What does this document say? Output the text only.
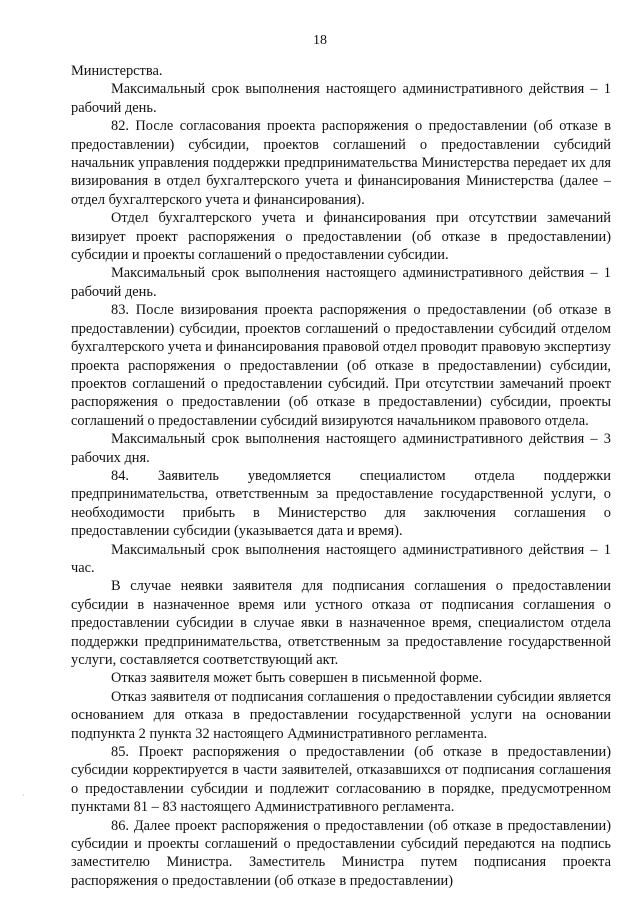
18

Министерства.

Максимальный срок выполнения настоящего административного действия – 1 рабочий день.

82. После согласования проекта распоряжения о предоставлении (об отказе в предоставлении) субсидии, проектов соглашений о предоставлении субсидий начальник управления поддержки предпринимательства Министерства передает их для визирования в отдел бухгалтерского учета и финансирования Министерства (далее – отдел бухгалтерского учета и финансирования).

Отдел бухгалтерского учета и финансирования при отсутствии замечаний визирует проект распоряжения о предоставлении (об отказе в предоставлении) субсидии и проекты соглашений о предоставлении субсидии.

Максимальный срок выполнения настоящего административного действия – 1 рабочий день.

83. После визирования проекта распоряжения о предоставлении (об отказе в предоставлении) субсидии, проектов соглашений о предоставлении субсидий отделом бухгалтерского учета и финансирования правовой отдел проводит правовую экспертизу проекта распоряжения о предоставлении (об отказе в предоставлении) субсидии, проектов соглашений о предоставлении субсидий. При отсутствии замечаний проект распоряжения о предоставлении (об отказе в предоставлении) субсидии, проекты соглашений о предоставлении субсидий визируются начальником правового отдела.

Максимальный срок выполнения настоящего административного действия – 3 рабочих дня.

84. Заявитель уведомляется специалистом отдела поддержки предпринимательства, ответственным за предоставление государственной услуги, о необходимости прибыть в Министерство для заключения соглашения о предоставлении субсидии (указывается дата и время).

Максимальный срок выполнения настоящего административного действия – 1 час.

В случае неявки заявителя для подписания соглашения о предоставлении субсидии в назначенное время или устного отказа от подписания соглашения о предоставлении субсидии в случае явки в назначенное время, специалистом отдела поддержки предпринимательства, ответственным за предоставление государственной услуги, составляется соответствующий акт.

Отказ заявителя может быть совершен в письменной форме.

Отказ заявителя от подписания соглашения о предоставлении субсидии является основанием для отказа в предоставлении государственной услуги на основании подпункта 2 пункта 32 настоящего Административного регламента.

85. Проект распоряжения о предоставлении (об отказе в предоставлении) субсидии корректируется в части заявителей, отказавшихся от подписания соглашения о предоставлении субсидии и подлежит согласованию в порядке, предусмотренном пунктами 81 – 83 настоящего Административного регламента.

86. Далее проект распоряжения о предоставлении (об отказе в предоставлении) субсидии и проекты соглашений о предоставлении субсидий передаются на подпись заместителю Министра. Заместитель Министра путем подписания проекта распоряжения о предоставлении (об отказе в предоставлении)

·
